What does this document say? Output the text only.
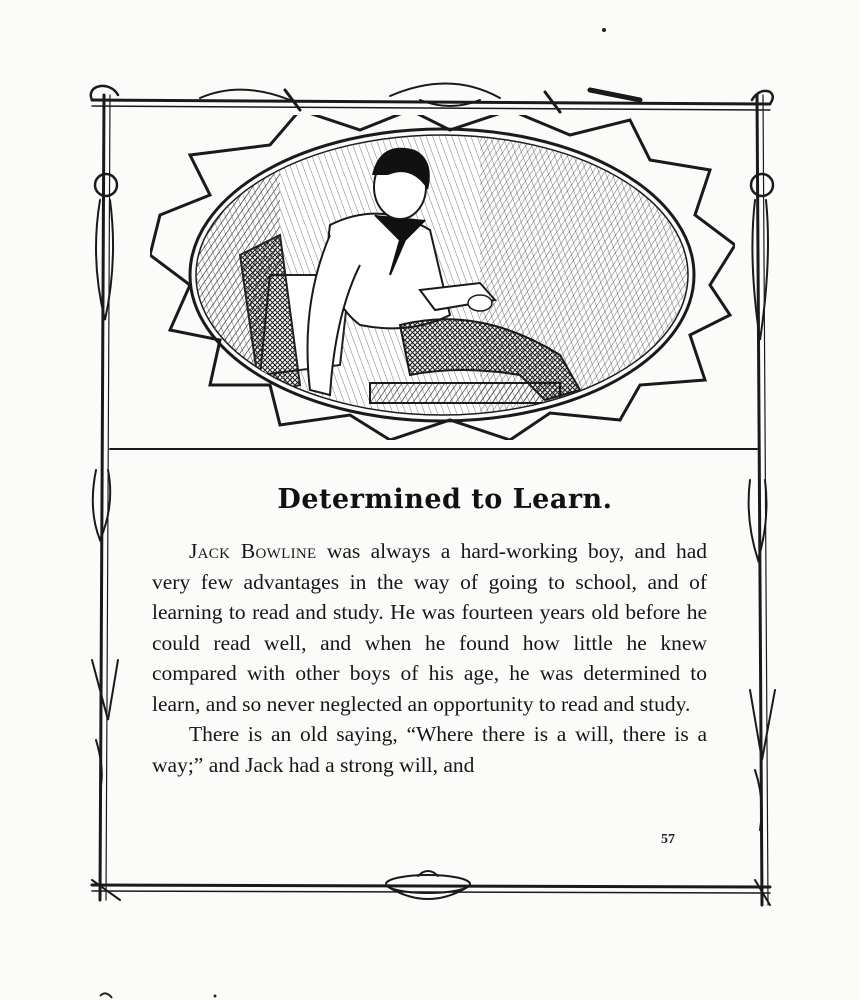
Determined to Learn.

Jack Bowline was always a hard-working boy, and had very few advantages in the way of going to school, and of learning to read and study. He was fourteen years old before he could read well, and when he found how little he knew compared with other boys of his age, he was determined to learn, and so never neglected an opportunity to read and study.

There is an old saying, “Where there is a will, there is a way;” and Jack had a strong will, and

57
